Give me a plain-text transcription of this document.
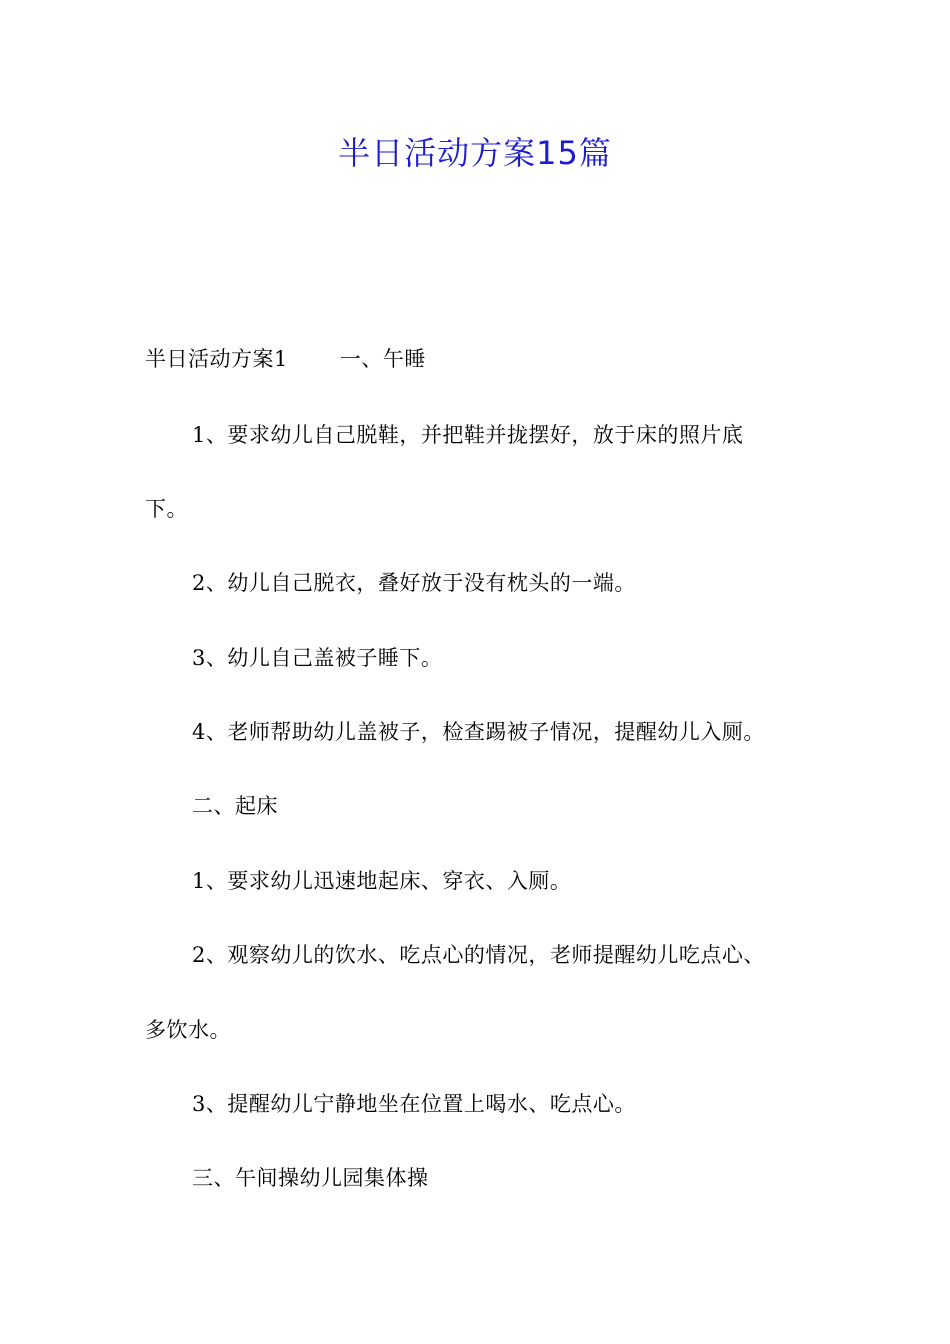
半日活动方案15篇
半日活动方案1 一、午睡
1、要求幼儿自己脱鞋，并把鞋并拢摆好，放于床的照片底
下。
2、幼儿自己脱衣，叠好放于没有枕头的一端。
3、幼儿自己盖被子睡下。
4、老师帮助幼儿盖被子，检查踢被子情况，提醒幼儿入厕。
二、起床
1、要求幼儿迅速地起床、穿衣、入厕。
2、观察幼儿的饮水、吃点心的情况，老师提醒幼儿吃点心、
多饮水。
3、提醒幼儿宁静地坐在位置上喝水、吃点心。
三、午间操幼儿园集体操
